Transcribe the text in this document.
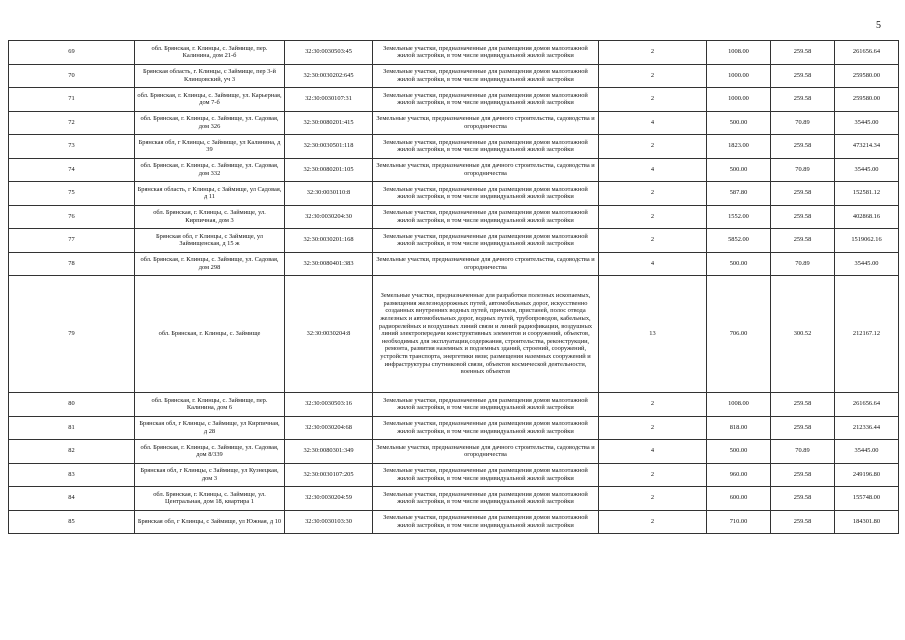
5
69	обл. Брянская, г. Клинцы, с. Займище, пер. Калинина, дом 21-б	32:30:0030503:45	Земельные участки, предназначенные для размещения домов малоэтажной жилой застройки, в том числе индивидуальной жилой застройки	2	1008.00	259.58	261656.64
70	Брянская область, г. Клинцы, с Займище, пер 3-й Клинцовский, уч 3	32:30:0030202:645	Земельные участки, предназначенные для размещения домов малоэтажной жилой застройки, в том числе индивидуальной жилой застройки	2	1000.00	259.58	259580.00
71	обл. Брянская, г. Клинцы, с. Займище, ул. Карьерная, дом 7-б	32:30:0030107:31	Земельные участки, предназначенные для размещения домов малоэтажной жилой застройки, в том числе индивидуальной жилой застройки	2	1000.00	259.58	259580.00
72	обл. Брянская, г. Клинцы, с. Займище, ул. Садовая, дом 326	32:30:0080201:415	Земельные участки, предназначенные для дачного строительства, садоводства и огородничества	4	500.00	70.89	35445.00
73	Брянская обл, г Клинцы, с Займище, ул Калинина, д 39	32:30:0030501:118	Земельные участки, предназначенные для размещения домов малоэтажной жилой застройки, в том числе индивидуальной жилой застройки	2	1823.00	259.58	473214.34
74	обл. Брянская, г. Клинцы, с. Займище, ул. Садовая, дом 332	32:30:0080201:105	Земельные участки, предназначенные для дачного строительства, садоводства и огородничества	4	500.00	70.89	35445.00
75	Брянская область, г Клинцы, с Займище, ул Садовая, д 11	32:30:0030110:8	Земельные участки, предназначенные для размещения домов малоэтажной жилой застройки, в том числе индивидуальной жилой застройки	2	587.80	259.58	152581.12
76	обл. Брянская, г. Клинцы, с. Займище, ул. Кирпичная, дом 3	32:30:0030204:30	Земельные участки, предназначенные для размещения домов малоэтажной жилой застройки, в том числе индивидуальной жилой застройки	2	1552.00	259.58	402868.16
77	Брянская обл, г Клинцы, с Займище, ул Займищенская, д 15 ж	32:30:0030201:168	Земельные участки, предназначенные для размещения домов малоэтажной жилой застройки, в том числе индивидуальной жилой застройки	2	5852.00	259.58	1519062.16
78	обл. Брянская, г. Клинцы, с. Займище, ул. Садовая, дом 298	32:30:0080401:383	Земельные участки, предназначенные для дачного строительства, садоводства и огородничества	4	500.00	70.89	35445.00
79	обл. Брянская, г. Клинцы, с. Займище	32:30:0030204:8	Земельные участки, предназначенные для разработки полезных ископаемых, размещения железнодорожных путей, автомобильных дорог, искусственно созданных внутренних водных путей, причалов, пристаней, полос отвода железных и автомобильных дорог, водных путей, трубопроводов, кабельных, радиорелейных и воздушных линий связи и линий радиофикации, воздушных линий электропередачи конструктивных элементов и сооружений, объектов, необходимых для эксплуатации,содержания, строительства, реконструкции, ремонта, развития наземных и подземных зданий, строений, сооружений, устройств транспорта, энергетики вязи; размещения наземных сооружений и инфраструктуры спутниковой связи, объектов космической деятельности, военных объектов	13	706.00	300.52	212167.12
80	обл. Брянская, г. Клинцы, с. Займище, пер. Калинина, дом 6	32:30:0030503:16	Земельные участки, предназначенные для размещения домов малоэтажной жилой застройки, в том числе индивидуальной жилой застройки	2	1008.00	259.58	261656.64
81	Брянская обл, г Клинцы, с Займище, ул Кирпичная, д 28	32:30:0030204:68	Земельные участки, предназначенные для размещения домов малоэтажной жилой застройки, в том числе индивидуальной жилой застройки	2	818.00	259.58	212336.44
82	обл. Брянская, г. Клинцы, с. Займище, ул. Садовая, дом 8/339	32:30:0080301:349	Земельные участки, предназначенные для дачного строительства, садоводства и огородничества	4	500.00	70.89	35445.00
83	Брянская обл, г Клинцы, с Займище, ул Кузнецкая, дом 3	32:30:0030107:205	Земельные участки, предназначенные для размещения домов малоэтажной жилой застройки, в том числе индивидуальной жилой застройки	2	960.00	259.58	249196.80
84	обл. Брянская, г. Клинцы, с. Займище, ул. Центральная, дом 18, квартира 1	32:30:0030204:59	Земельные участки, предназначенные для размещения домов малоэтажной жилой застройки, в том числе индивидуальной жилой застройки	2	600.00	259.58	155748.00
85	Брянская обл, г Клинцы, с Займище, ул Южная, д 10	32:30:0030103:30	Земельные участки, предназначенные для размещения домов малоэтажной жилой застройки, в том числе индивидуальной жилой застройки	2	710.00	259.58	184301.80
